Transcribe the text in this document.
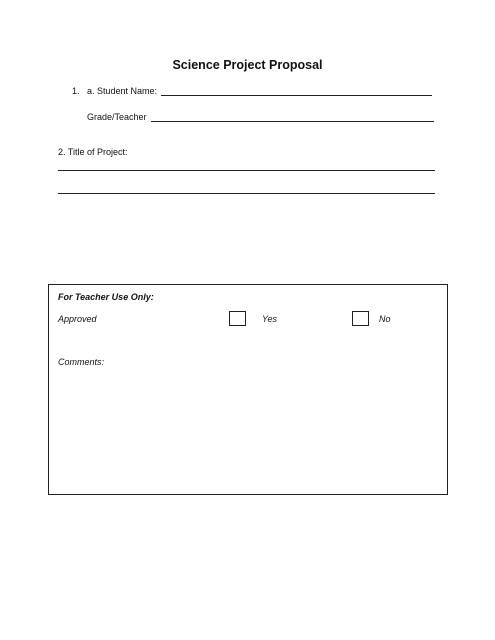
Science Project Proposal
1. a. Student Name:
Grade/Teacher
2. Title of Project:
For Teacher Use Only:
Approved	Yes	No
Comments:
